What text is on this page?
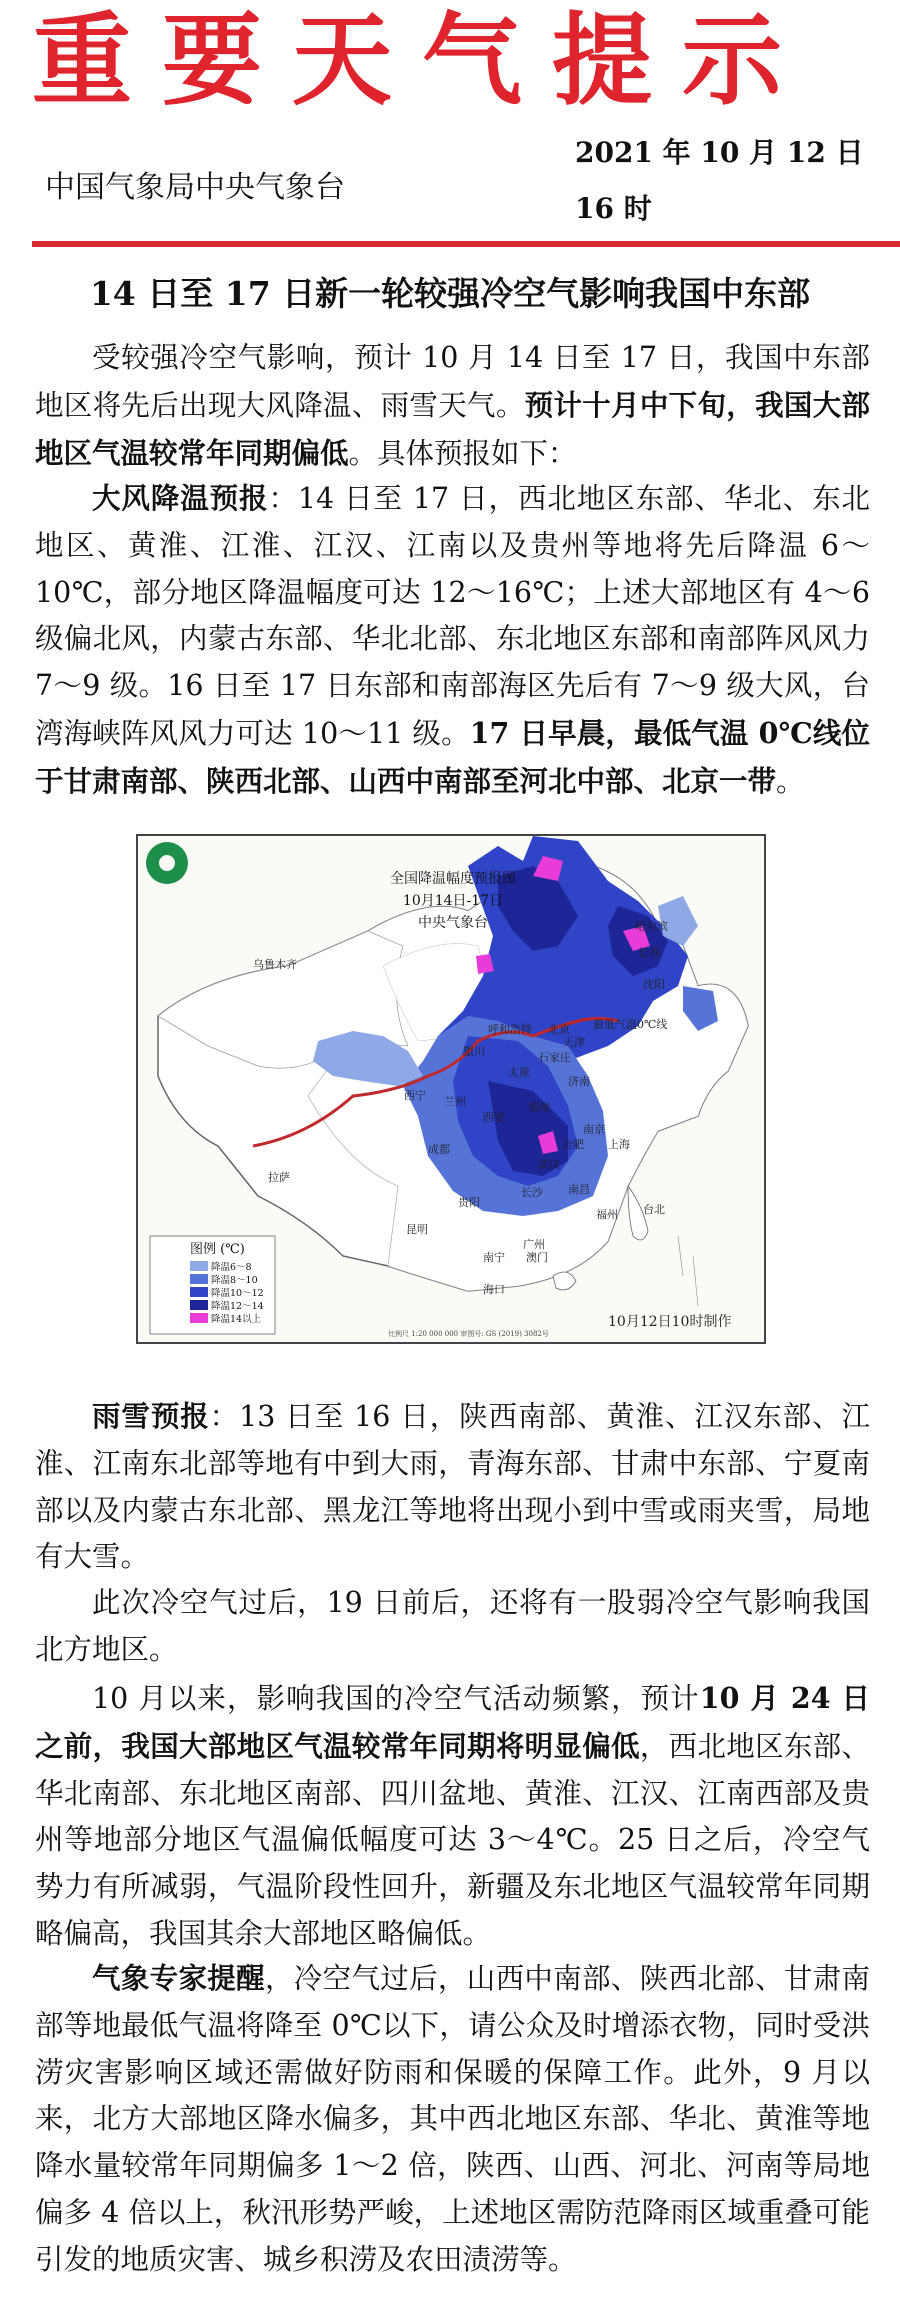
重要天气提示
中国气象局中央气象台
2021 年 10 月 12 日 16 时
14 日至 17 日新一轮较强冷空气影响我国中东部

受较强冷空气影响，预计 10 月 14 日至 17 日，我国中东部地区将先后出现大风降温、雨雪天气。预计十月中下旬，我国大部地区气温较常年同期偏低。具体预报如下：

大风降温预报：14 日至 17 日，西北地区东部、华北、东北地区、黄淮、江淮、江汉、江南以及贵州等地将先后降温 6～10℃，部分地区降温幅度可达 12～16℃；上述大部地区有 4～6 级偏北风，内蒙古东部、华北北部、东北地区东部和南部阵风风力 7～9 级。16 日至 17 日东部和南部海区先后有 7～9 级大风，台湾海峡阵风风力可达 10～11 级。17 日早晨，最低气温 0℃线位于甘肃南部、陕西北部、山西中南部至河北中部、北京一带。

全国降温幅度预报图
10月14日-17日
中央气象台
乌鲁木齐
西宁 兰州
银川
呼和浩特 北京
天津
太原
石家庄
济南
郑州
西安
南京
合肥 上海
武汉
长沙 南昌
福州 台北
贵阳
成都
拉萨
昆明
南宁
广州
澳门
海口
沈阳
长春
哈尔滨
最低气温0℃线
图例 (℃)
降温6～8
降温8～10
降温10～12
降温12～14
降温14以上	10月12日10时制作
比例尺 1:20 000 000 审图号: GS (2019) 3082号

雨雪预报：13 日至 16 日，陕西南部、黄淮、江汉东部、江淮、江南东北部等地有中到大雨，青海东部、甘肃中东部、宁夏南部以及内蒙古东北部、黑龙江等地将出现小到中雪或雨夹雪，局地有大雪。

此次冷空气过后，19 日前后，还将有一股弱冷空气影响我国北方地区。

10 月以来，影响我国的冷空气活动频繁，预计10 月 24 日之前，我国大部地区气温较常年同期将明显偏低，西北地区东部、华北南部、东北地区南部、四川盆地、黄淮、江汉、江南西部及贵州等地部分地区气温偏低幅度可达 3～4℃。25 日之后，冷空气势力有所减弱，气温阶段性回升，新疆及东北地区气温较常年同期略偏高，我国其余大部地区略偏低。

气象专家提醒，冷空气过后，山西中南部、陕西北部、甘肃南部等地最低气温将降至 0℃以下，请公众及时增添衣物，同时受洪涝灾害影响区域还需做好防雨和保暖的保障工作。此外，9 月以来，北方大部地区降水偏多，其中西北地区东部、华北、黄淮等地降水量较常年同期偏多 1～2 倍，陕西、山西、河北、河南等局地偏多 4 倍以上，秋汛形势严峻，上述地区需防范降雨区域重叠可能引发的地质灾害、城乡积涝及农田渍涝等。
